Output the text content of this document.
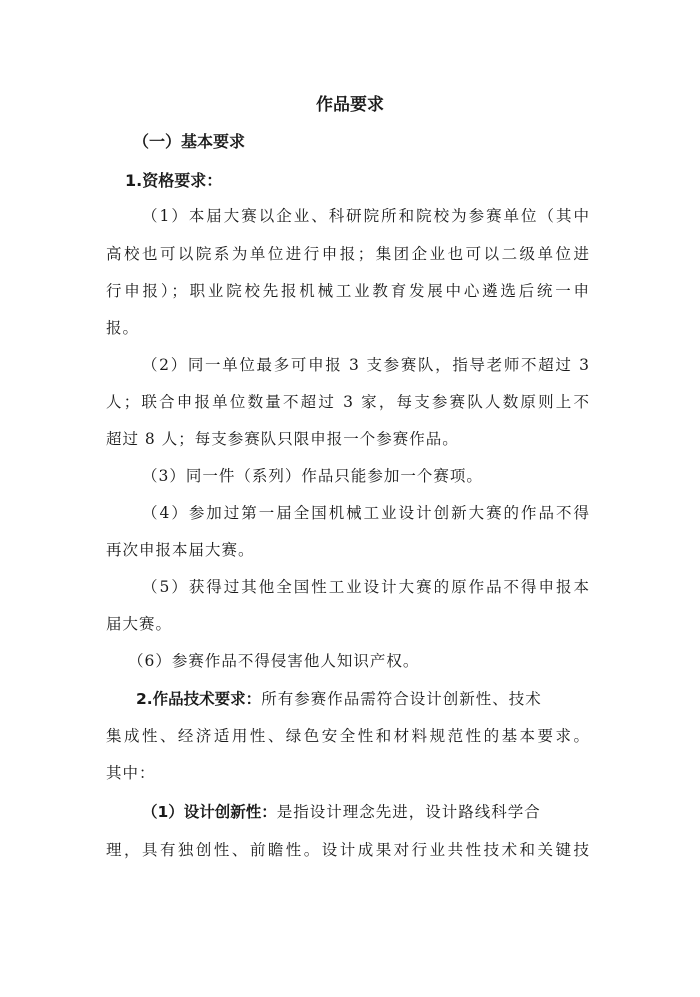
作品要求
（一）基本要求
1.资格要求：
（1）本届大赛以企业、科研院所和院校为参赛单位（其中
高校也可以院系为单位进行申报；集团企业也可以二级单位进
行申报）；职业院校先报机械工业教育发展中心遴选后统一申
报。
（2）同一单位最多可申报 3 支参赛队，指导老师不超过 3
人；联合申报单位数量不超过 3 家，每支参赛队人数原则上不
超过 8 人；每支参赛队只限申报一个参赛作品。
（3）同一件（系列）作品只能参加一个赛项。
（4）参加过第一届全国机械工业设计创新大赛的作品不得
再次申报本届大赛。
（5）获得过其他全国性工业设计大赛的原作品不得申报本
届大赛。
（6）参赛作品不得侵害他人知识产权。
2.作品技术要求：所有参赛作品需符合设计创新性、技术
集成性、经济适用性、绿色安全性和材料规范性的基本要求。
其中：
（1）设计创新性：是指设计理念先进，设计路线科学合
理，具有独创性、前瞻性。设计成果对行业共性技术和关键技
